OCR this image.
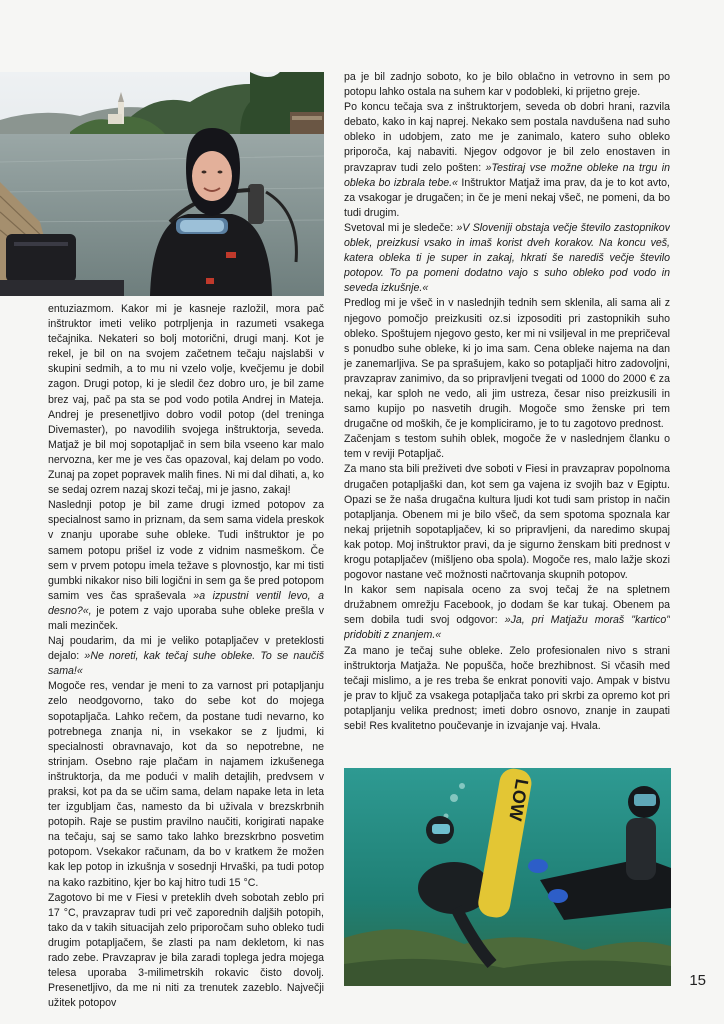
entuziazmom. Kakor mi je kasneje razložil, mora pač inštruktor imeti veliko potrpljenja in razumeti vsakega tečajnika. Nekateri so bolj motorični, drugi manj. Kot je rekel, je bil on na svojem začetnem tečaju najslabši v skupini sedmih, a to mu ni vzelo volje, kvečjemu je dobil zagon. Drugi potop, ki je sledil čez dobro uro, je bil zame brez vaj, pač pa sta se pod vodo potila Andrej in Mateja. Andrej je presenetljivo dobro vodil potop (del treninga Divemaster), po navodilih svojega inštruktorja, seveda. Matjaž je bil moj sopotaplјač in sem bila vseeno kar malo nervozna, ker me je ves čas opazoval, kaj delam po vodo. Zunaj pa zopet popravek malih fines. Ni mi dal dihati, a, ko se sedaj ozrem nazaj skozi tečaj, mi je jasno, zakaj!

Naslednji potop je bil zame drugi izmed potopov za specialnost samo in priznam, da sem sama videla preskok v znanju uporabe suhe obleke. Tudi inštruktor je po samem potopu prišel iz vode z vidnim nasmeškom. Če sem v prvem potopu imela težave s plovnostjo, kar mi tisti gumbki nikakor niso bili logični in sem ga še pred potopom samim ves čas spraševala »a izpustni ventil levo, a desno?«, je potem z vajo uporaba suhe obleke prešla v mali mezinček.

Naj poudarim, da mi je veliko potapljačev v preteklosti dejalo: »Ne noreti, kak tečaj suhe obleke. To se naučiš sama!«

Mogoče res, vendar je meni to za varnost pri potapljanju zelo neodgovorno, tako do sebe kot do mojega sopotaplјača. Lahko rečem, da postane tudi nevarno, ko potrebnega znanja ni, in vsekakor se z ljudmi, ki specialnosti obravnavajo, kot da so nepotrebne, ne strinjam. Osebno raje plačam in najamem izkušenega inštruktorja, da me podući v malih detajlih, predvsem v praksi, kot pa da se učim sama, delam napake leta in leta ter izgubljam čas, namesto da bi uživala v brezskrbnih potopih. Raje se pustim pravilno naučiti, korigirati napake na tečaju, saj se samo tako lahko brezskrbno posvetim potopom. Vsekakor računam, da bo v kratkem že možen kak lep potop in izkušnja v sosednji Hrvaški, pa tudi potop na kako razbitino, kjer bo kaj hitro tudi 15 °C.

Zagotovo bi me v Fiesi v preteklih dveh sobotah zeblo pri 17 °C, pravzaprav tudi pri več zaporednih daljših potopih, tako da v takih situacijah zelo priporočam suho obleko tudi drugim potapljačem, še zlasti pa nam dekletom, ki nas rado zebe. Pravzaprav je bila zaradi toplega jedra mojega telesa uporaba 3-milimetrskih rokavic čisto dovolj. Presenetljivo, da me ni niti za trenutek zazeblo. Največji užitek potopov

pa je bil zadnjo soboto, ko je bilo oblačno in vetrovno in sem po potopu lahko ostala na suhem kar v podobleki, ki prijetno greje.

Po koncu tečaja sva z inštruktorjem, seveda ob dobri hrani, razvila debato, kako in kaj naprej. Nekako sem postala navdušena nad suho obleko in udobjem, zato me je zanimalo, katero suho obleko priporoča, kaj nabaviti. Njegov odgovor je bil zelo enostaven in pravzaprav tudi zelo pošten: »Testiraj vse možne obleke na trgu in obleka bo izbrala tebe.« Inštruktor Matjaž ima prav, da je to kot avto, za vsakogar je drugačen; in če je meni nekaj všeč, ne pomeni, da bo tudi drugim.

Svetoval mi je sledeče: »V Sloveniji obstaja večje število zastopnikov oblek, preizkusi vsako in imaš korist dveh korakov. Na koncu veš, katera obleka ti je super in zakaj, hkrati še narediš večje število potopov. To pa pomeni dodatno vajo s suho obleko pod vodo in seveda izkušnje.«

Predlog mi je všeč in v naslednjih tednih sem sklenila, ali sama ali z njegovo pomočjo preizkusiti oz.si izposoditi pri zastopnikih suho obleko. Spoštujem njegovo gesto, ker mi ni vsiljeval in me prepričeval s ponudbo suhe obleke, ki jo ima sam. Cena obleke najema na dan je zanemarljiva. Se pa sprašujem, kako so potapljači hitro zadovoljni, pravzaprav zanimivo, da so pripravljeni tvegati od 1000 do 2000 € za nekaj, kar sploh ne vedo, ali jim ustreza, česar niso preizkusili in samo kupijo po nasvetih drugih. Mogoče smo ženske pri tem drugačne od moških, če je kompliciramo, je to tu zagotovo prednost.

Začenjam s testom suhih oblek, mogoče že v naslednjem članku o tem v reviji Potapljač.

Za mano sta bili preživeti dve soboti v Fiesi in pravzaprav popolnoma drugačen potapljaški dan, kot sem ga vajena iz svojih baz v Egiptu. Opazi se že naša drugačna kultura ljudi kot tudi sam pristop in način potapljanja. Obenem mi je bilo všeč, da sem spotoma spoznala kar nekaj prijetnih sopotaplјačev, ki so pripravljeni, da naredimo skupaj kak potop. Moj inštruktor pravi, da je sigurno ženskam biti prednost v krogu potapljačev (mišljeno oba spola). Mogoče res, malo lažje skozi pogovor nastane več možnosti načrtovanja skupnih potopov.

In kakor sem napisala oceno za svoj tečaj že na spletnem družabnem omrežju Facebook, jo dodam še kar tukaj. Obenem pa sem dobila tudi svoj odgovor: »Ja, pri Matjažu moraš "kartico" pridobiti z znanjem.«

Za mano je tečaj suhe obleke. Zelo profesionalen nivo s strani inštruktorja Matjaža. Ne popušča, hoče brezhibnost. Si včasih med tečaji mislimo, a je res treba še enkrat ponoviti vajo. Ampak v bistvu je prav to ključ za vsakega potapljača tako pri skrbi za opremo kot pri potapljanju velika prednost; imeti dobro osnovo, znanje in zaupati sebi! Res kvalitetno poučevanje in izvajanje vaj. Hvala.

LOW
15
